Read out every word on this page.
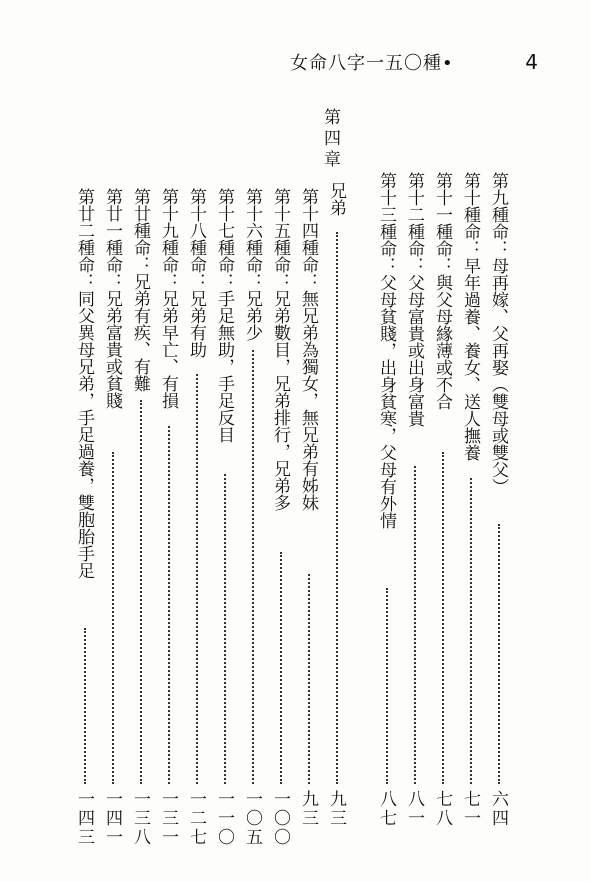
女命八字一五〇種•	4
第四章
兄弟
九三
第九種命：母再嫁、父再娶（雙母或雙父）
六四
第十種命：早年過養、養女、送人撫養
七一
第十一種命：與父母緣薄或不合
七八
第十二種命：父母富貴或出身富貴
八一
第十三種命：父母貧賤，出身貧寒，父母有外情
八七
第十四種命：無兄弟為獨女，無兄弟有姊妹
九三
第十五種命：兄弟數目，兄弟排行，兄弟多
一〇〇
第十六種命：兄弟少
一〇五
第十七種命：手足無助，手足反目
一一〇
第十八種命：兄弟有助
一二七
第十九種命：兄弟早亡、有損
一三一
第廿種命：兄弟有疾、有難
一三八
第廿一種命：兄弟富貴或貧賤
一四一
第廿二種命：同父異母兄弟，手足過養，雙胞胎手足
一四三
